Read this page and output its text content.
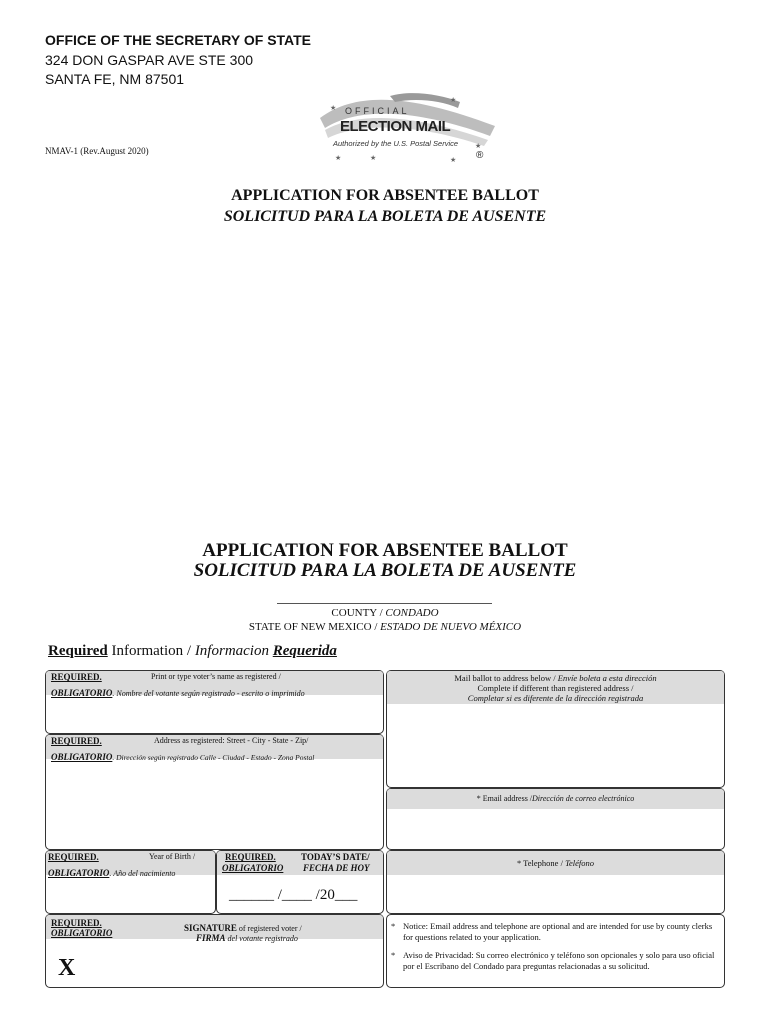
OFFICE OF THE SECRETARY OF STATE
324 DON GASPAR AVE STE 300
SANTA FE, NM 87501
NMAV-1 (Rev.August 2020)
★
★
★
★	★	★
OFFICIAL
ELECTION MAIL
Authorized by the U.S. Postal Service
®
APPLICATION FOR ABSENTEE BALLOT
SOLICITUD PARA LA BOLETA DE AUSENTE
APPLICATION FOR ABSENTEE BALLOT
SOLICITUD PARA LA BOLETA DE AUSENTE
COUNTY / CONDADO
STATE OF NEW MEXICO / ESTADO DE NUEVO MÉXICO
Required Information / Informacion Requerida
REQUIRED.	Print or type voter’s name as registered /
OBLIGATORIO. Nombre del votante según registrado - escrito o imprimido
REQUIRED.	Address as registered: Street - City - State - Zip/
OBLIGATORIO. Dirección según registrado Calle - Ciudad - Estado - Zona Postal
REQUIRED.	Year of Birth /
OBLIGATORIO. Año del nacimiento
REQUIRED.	TODAY’S DATE/
OBLIGATORIO FECHA DE HOY
______ /____ /20___
REQUIRED.
OBLIGATORIO	SIGNATURE of registered voter /
FIRMA del votante registrado
X
Mail ballot to address below / Envíe boleta a esta dirección
Complete if different than registered address /
Completar si es diferente de la dirección registrada
* Email address /Dirección de correo electrónico
* Telephone / Teléfono
* Notice: Email address and telephone are optional and are intended for use by county clerks for questions related to your application.
* Aviso de Privacidad: Su correo electrónico y teléfono son opcionales y solo para uso oficial por el Escribano del Condado para preguntas relacionadas a su solicitud.
